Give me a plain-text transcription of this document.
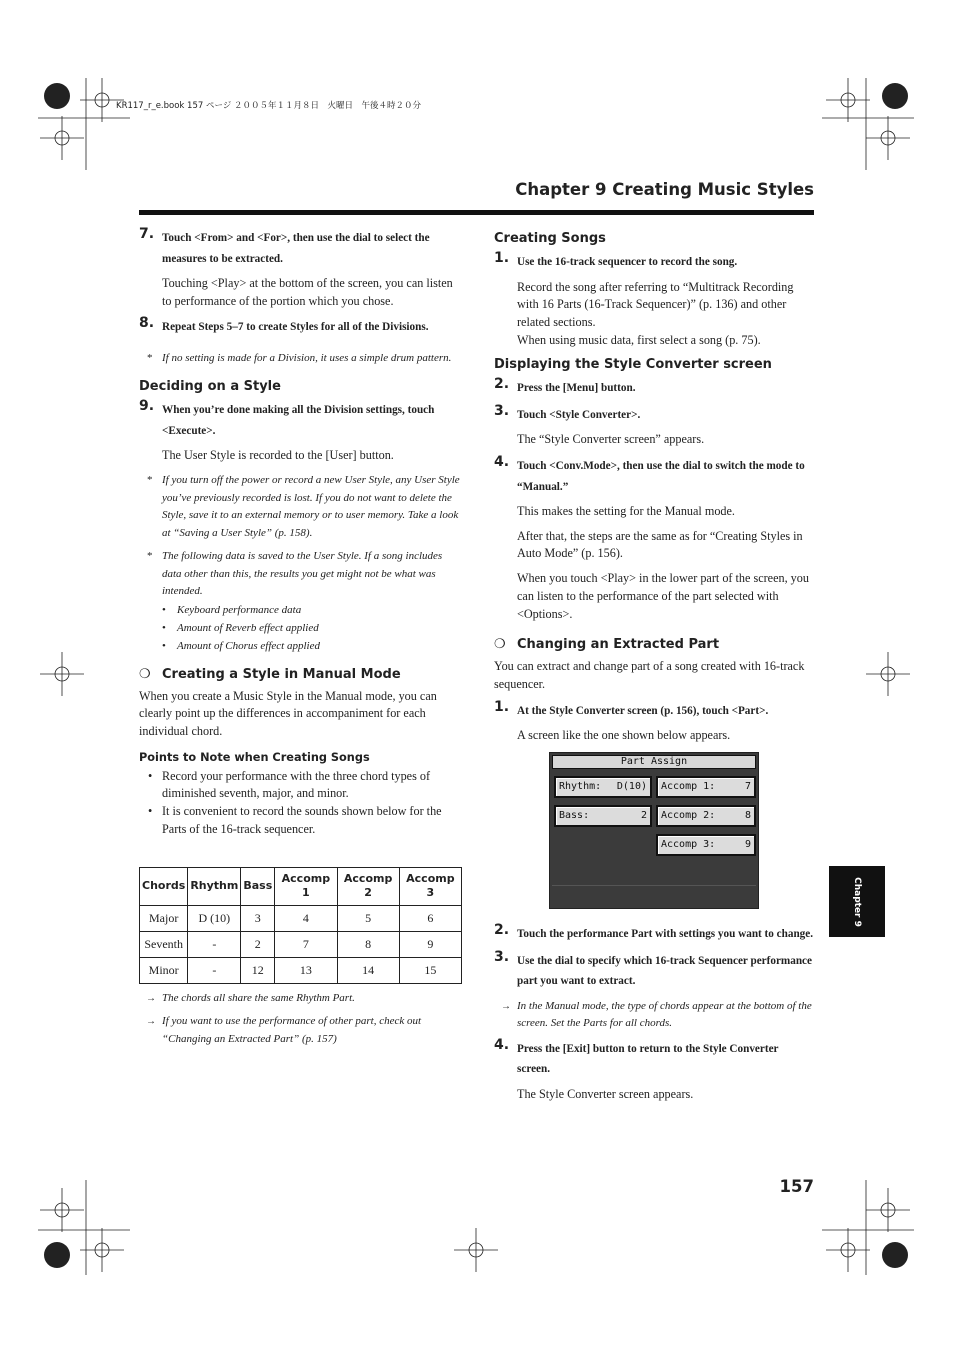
KR117_r_e.book 157 ページ ２００５年１１月８日　火曜日　午後４時２０分
Chapter 9 Creating Music Styles
7. Touch <From> and <For>, then use the dial to select the measures to be extracted.

Touching <Play> at the bottom of the screen, you can listen to performance of the portion which you chose.

8. Repeat Steps 5–7 to create Styles for all of the Divisions.
* If no setting is made for a Division, it uses a simple drum pattern.
Deciding on a Style
9. When you’re done making all the Division settings, touch <Execute>.

The User Style is recorded to the [User] button.

* If you turn off the power or record a new User Style, any User Style you’ve previously recorded is lost. If you do not want to delete the Style, save it to an external memory or to user memory. Take a look at “Saving a User Style” (p. 158).
* The following data is saved to the User Style. If a song includes data other than this, the results you get might not be what was intended.
• Keyboard performance data
• Amount of Reverb effect applied
• Amount of Chorus effect applied
❍ Creating a Style in Manual Mode

When you create a Music Style in the Manual mode, you can clearly point up the differences in accompaniment for each individual chord.

Points to Note when Creating Songs
• Record your performance with the three chord types of diminished seventh, major, and minor.
• It is convenient to record the sounds shown below for the Parts of the 16-track sequencer.
Chords	Rhythm	Bass	Accomp 1	Accomp 2	Accomp 3
Major	D (10)	3	4	5	6
Seventh	-	2	7	8	9
Minor	-	12	13	14	15
→ The chords all share the same Rhythm Part.
→ If you want to use the performance of other part, check out “Changing an Extracted Part” (p. 157)
Creating Songs
1. Use the 16-track sequencer to record the song.

Record the song after referring to “Multitrack Recording with 16 Parts (16-Track Sequencer)” (p. 136) and other related sections.

When using music data, first select a song (p. 75).

Displaying the Style Converter screen
2. Press the [Menu] button.
3. Touch <Style Converter>.

The “Style Converter screen” appears.

4. Touch <Conv.Mode>, then use the dial to switch the mode to “Manual.”

This makes the setting for the Manual mode.

After that, the steps are the same as for “Creating Styles in Auto Mode” (p. 156).

When you touch <Play> in the lower part of the screen, you can listen to the performance of the part selected with <Options>.

❍ Changing an Extracted Part

You can extract and change part of a song created with 16-track sequencer.

1. At the Style Converter screen (p. 156), touch <Part>.

A screen like the one shown below appears.

Part Assign
Rhythm: D(10) Accomp 1:	7
Bass:	2 Accomp 2:	8
Accomp 3:	9
2. Touch the performance Part with settings you want to change.
3. Use the dial to specify which 16-track Sequencer performance part you want to extract.
→ In the Manual mode, the type of chords appear at the bottom of the screen. Set the Parts for all chords.
4. Press the [Exit] button to return to the Style Converter screen.

The Style Converter screen appears.

Chapter 9
157
